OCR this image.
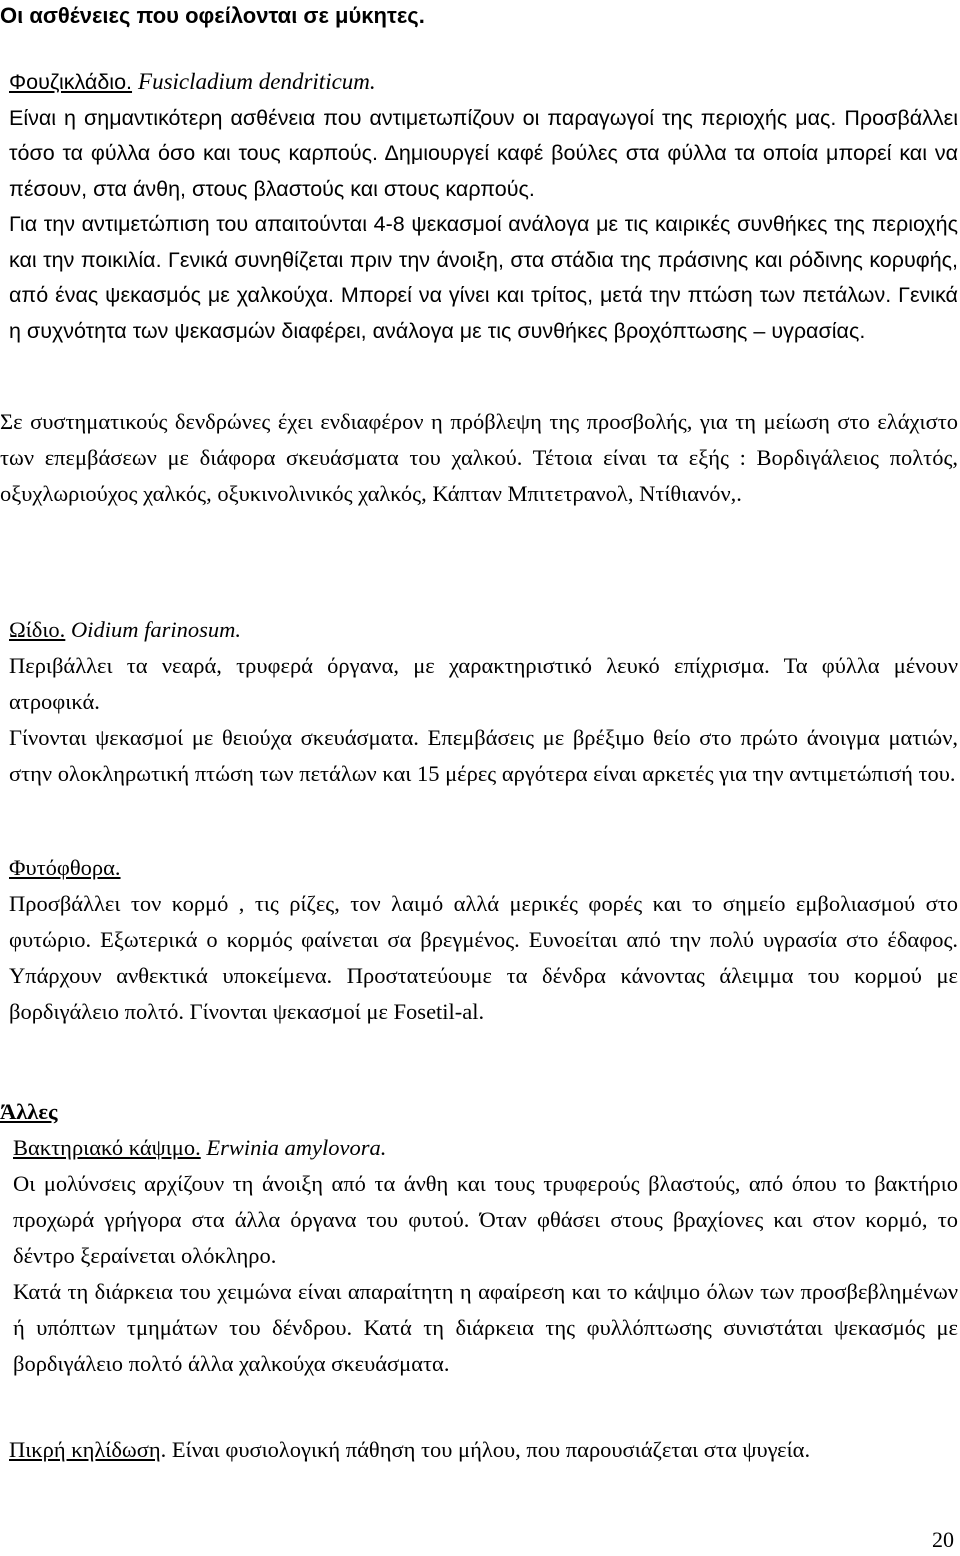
Οι ασθένειες που οφείλονται σε μύκητες.

Φουζικλάδιο. Fusicladium dendriticum.

Είναι η σημαντικότερη ασθένεια που αντιμετωπίζουν οι παραγωγοί της περιοχής μας. Προσβάλλει τόσο τα φύλλα όσο και τους καρπούς. Δημιουργεί καφέ βούλες στα φύλλα τα οποία μπορεί και να πέσουν, στα άνθη, στους βλαστούς και στους καρπούς.

Για την αντιμετώπιση του απαιτούνται 4-8 ψεκασμοί ανάλογα με τις καιρικές συνθήκες της περιοχής και την ποικιλία. Γενικά συνηθίζεται πριν την άνοιξη, στα στάδια της πράσινης και ρόδινης κορυφής, από ένας ψεκασμός με χαλκούχα. Μπορεί να γίνει και τρίτος, μετά την πτώση των πετάλων. Γενικά η συχνότητα των ψεκασμών διαφέρει, ανάλογα με τις συνθήκες βροχόπτωσης – υγρασίας.

Σε συστηματικούς δενδρώνες έχει ενδιαφέρον η πρόβλεψη της προσβολής, για τη μείωση στο ελάχιστο των επεμβάσεων με διάφορα σκευάσματα του χαλκού. Τέτοια είναι τα εξής : Βορδιγάλειος πολτός, οξυχλωριούχος χαλκός, οξυκινολινικός χαλκός, Κάπταν Μπιτετρανολ, Ντίθιανόν,.

Ωίδιο. Oidium farinosum.

Περιβάλλει τα νεαρά, τρυφερά όργανα, με χαρακτηριστικό λευκό επίχρισμα. Τα φύλλα μένουν ατροφικά.

Γίνονται ψεκασμοί με θειούχα σκευάσματα. Επεμβάσεις με βρέξιμο θείο στο πρώτο άνοιγμα ματιών, στην ολοκληρωτική πτώση των πετάλων και 15 μέρες αργότερα είναι αρκετές για την αντιμετώπισή του.

Φυτόφθορα.

Προσβάλλει τον κορμό , τις ρίζες, τον λαιμό αλλά μερικές φορές και το σημείο εμβολιασμού στο φυτώριο. Εξωτερικά ο κορμός φαίνεται σα βρεγμένος. Ευνοείται από την πολύ υγρασία στο έδαφος. Υπάρχουν ανθεκτικά υποκείμενα. Προστατεύουμε τα δένδρα κάνοντας άλειμμα του κορμού με βορδιγάλειο πολτό. Γίνονται ψεκασμοί με Fosetil-al.

Άλλες

Βακτηριακό κάψιμο. Erwinia amylovora.

Οι μολύνσεις αρχίζουν τη άνοιξη από τα άνθη και τους τρυφερούς βλαστούς, από όπου το βακτήριο προχωρά γρήγορα στα άλλα όργανα του φυτού. Όταν φθάσει στους βραχίονες και στον κορμό, το δέντρο ξεραίνεται ολόκληρο.

Κατά τη διάρκεια του χειμώνα είναι απαραίτητη η αφαίρεση και το κάψιμο όλων των προσβεβλημένων ή υπόπτων τμημάτων του δένδρου. Κατά τη διάρκεια της φυλλόπτωσης συνιστάται ψεκασμός με βορδιγάλειο πολτό άλλα χαλκούχα σκευάσματα.

Πικρή κηλίδωση. Είναι φυσιολογική πάθηση του μήλου, που παρουσιάζεται στα ψυγεία.

20
